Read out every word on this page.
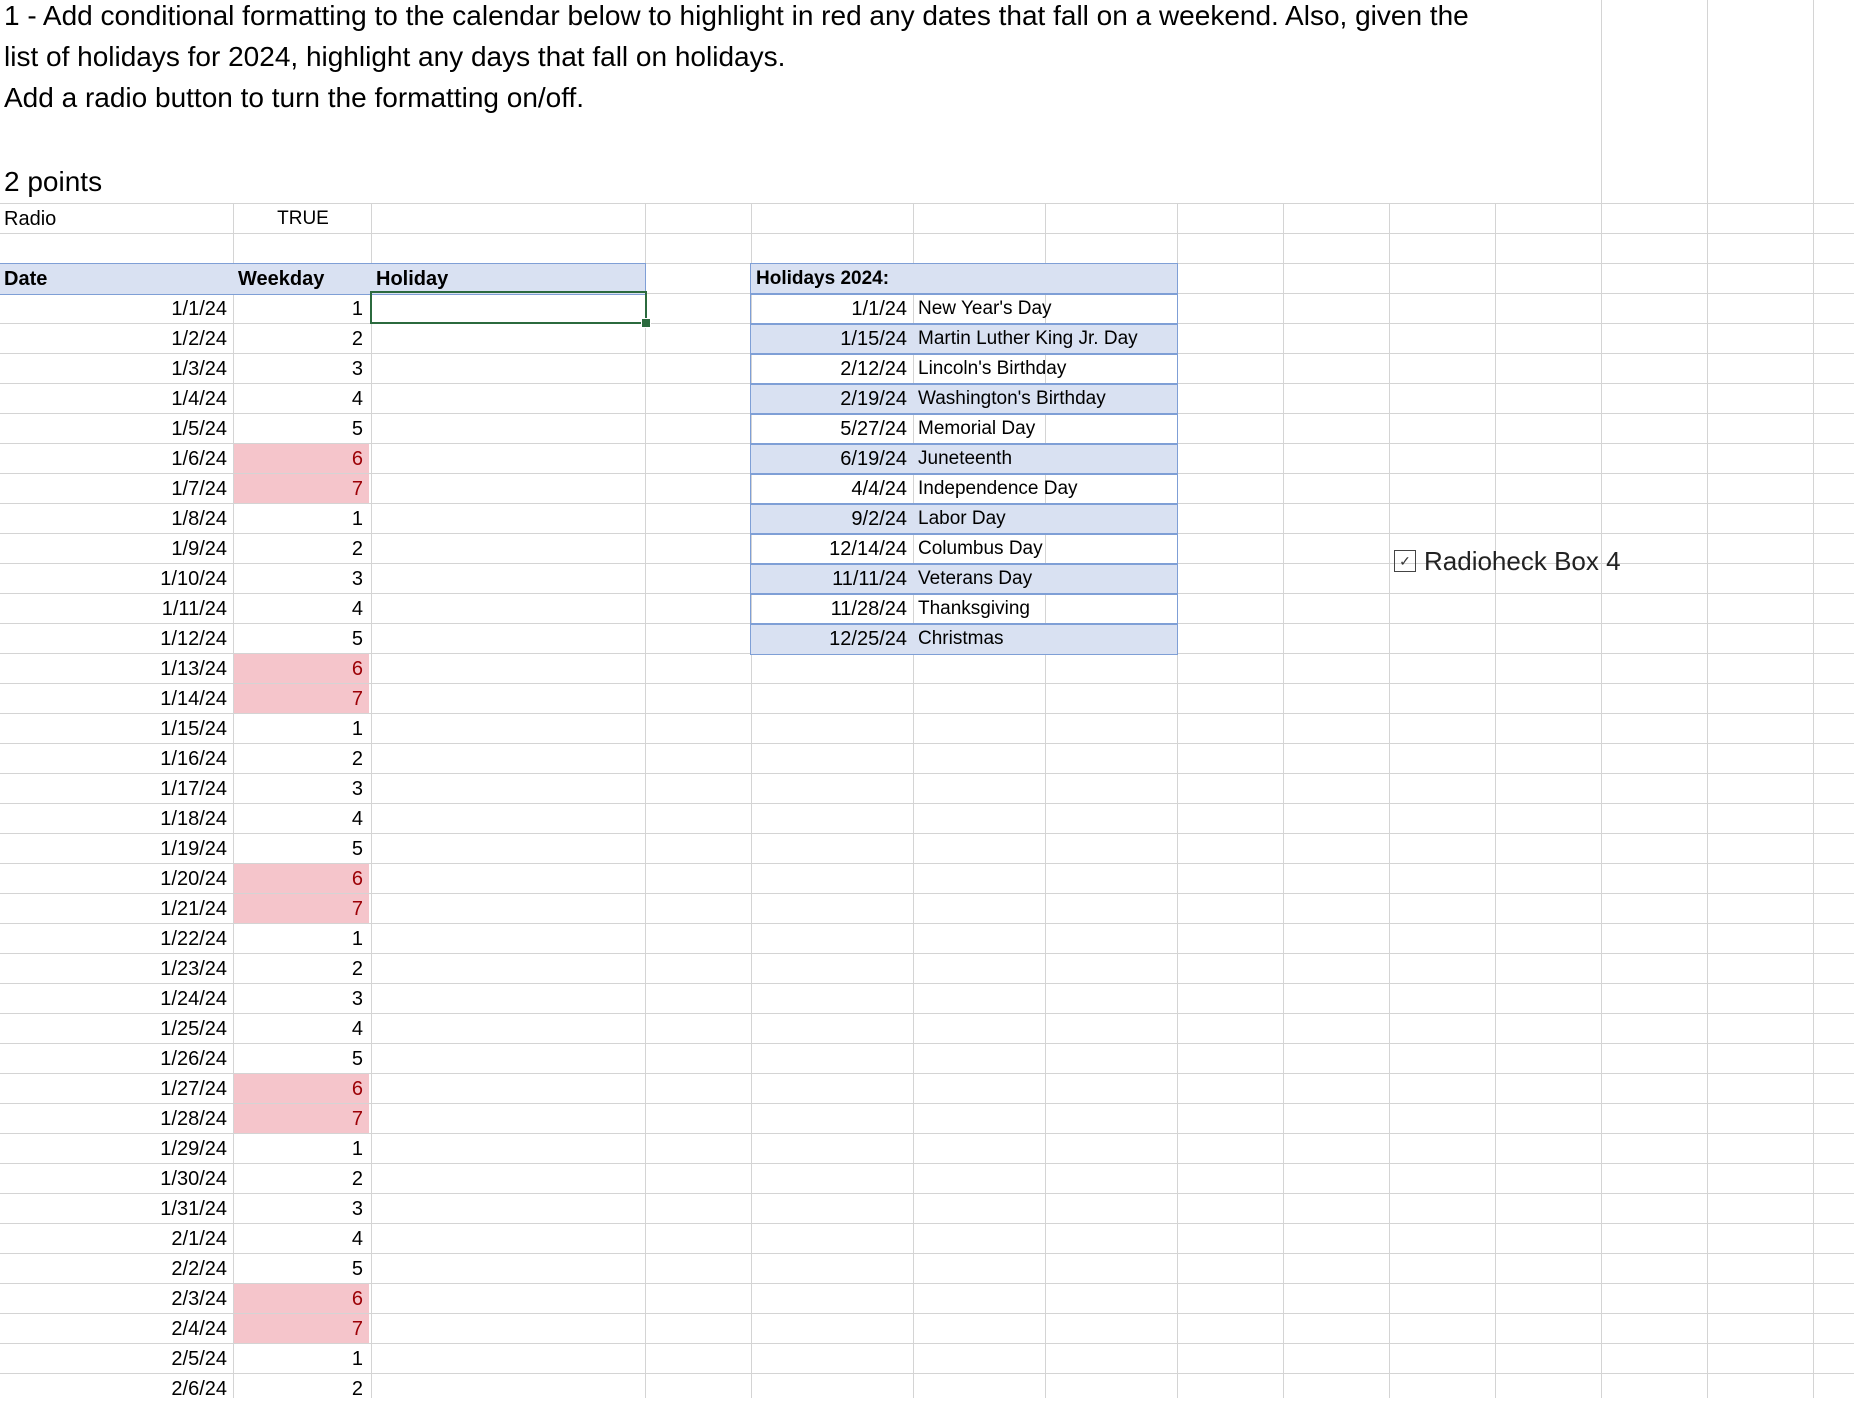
1 - Add conditional formatting to the calendar below to highlight in red any dates that fall on a weekend. Also, given the
list of holidays for 2024, highlight any days that fall on holidays.
Add a radio button to turn the formatting on/off.
2 points
Radio	TRUE
Date	Weekday	Holiday
1/1/24	1
1/2/24	2
1/3/24	3
1/4/24	4
1/5/24	5
1/6/24	6
1/7/24	7
1/8/24	1
1/9/24	2
1/10/24	3
1/11/24	4
1/12/24	5
1/13/24	6
1/14/24	7
1/15/24	1
1/16/24	2
1/17/24	3
1/18/24	4
1/19/24	5
1/20/24	6
1/21/24	7
1/22/24	1
1/23/24	2
1/24/24	3
1/25/24	4
1/26/24	5
1/27/24	6
1/28/24	7
1/29/24	1
1/30/24	2
1/31/24	3
2/1/24	4
2/2/24	5
2/3/24	6
2/4/24	7
2/5/24	1
2/6/24	2
Holidays 2024:
1/1/24 New Year's Day
1/15/24 Martin Luther King Jr. Day
2/12/24 Lincoln's Birthday
2/19/24 Washington's Birthday
5/27/24 Memorial Day
6/19/24 Juneteenth
4/4/24 Independence Day
9/2/24 Labor Day
12/14/24 Columbus Day
11/11/24 Veterans Day
11/28/24 Thanksgiving
12/25/24 Christmas
✓ Radioheck Box 4
